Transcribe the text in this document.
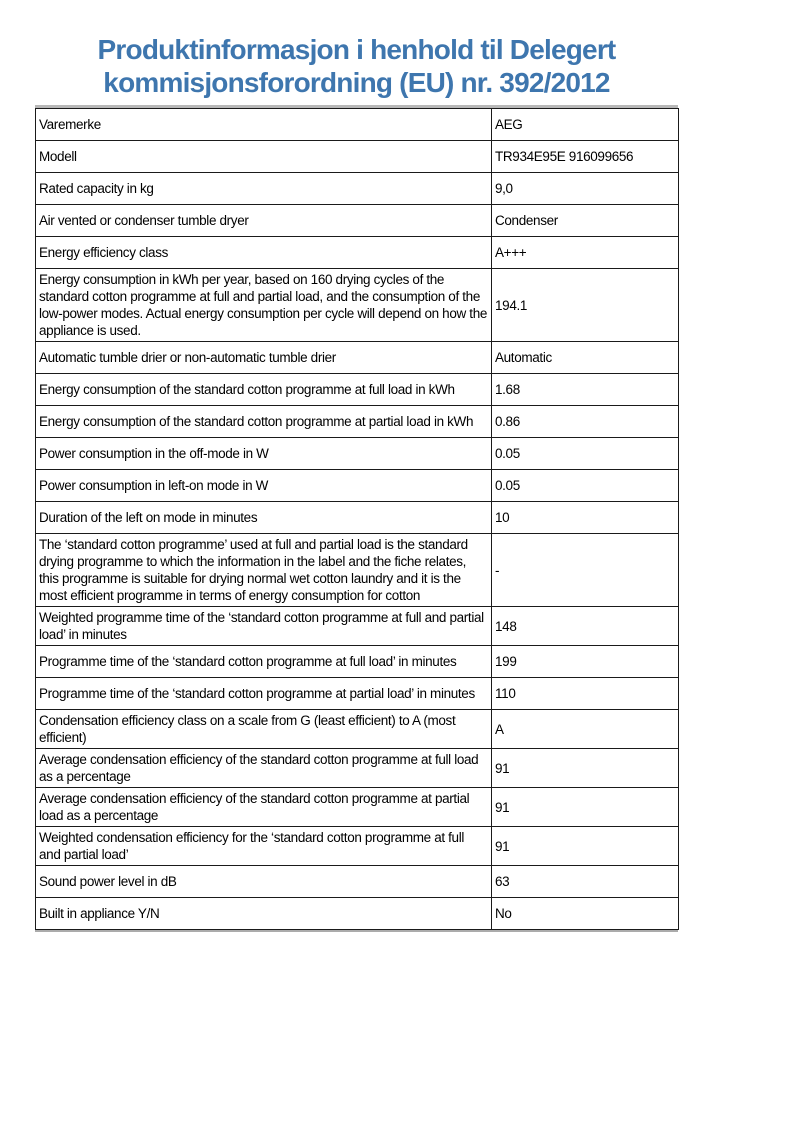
Produktinformasjon i henhold til Delegert
kommisjonsforordning (EU) nr. 392/2012
Varemerke	AEG
Modell	TR934E95E 916099656
Rated capacity in kg	9,0
Air vented or condenser tumble dryer	Condenser
Energy efficiency class	A+++
Energy consumption in kWh per year, based on 160 drying cycles of the standard cotton programme at full and partial load, and the consumption of the low-power modes. Actual energy consumption per cycle will depend on how the appliance is used.	194.1
Automatic tumble drier or non-automatic tumble drier	Automatic
Energy consumption of the standard cotton programme at full load in kWh	1.68
Energy consumption of the standard cotton programme at partial load in kWh	0.86
Power consumption in the off-mode in W	0.05
Power consumption in left-on mode in W	0.05
Duration of the left on mode in minutes	10
The ‘standard cotton programme’ used at full and partial load is the standard drying programme to which the information in the label and the fiche relates, this programme is suitable for drying normal wet cotton laundry and it is the most efficient programme in terms of energy consumption for cotton	-
Weighted programme time of the ‘standard cotton programme at full and partial load’ in minutes	148
Programme time of the ‘standard cotton programme at full load’ in minutes	199
Programme time of the ‘standard cotton programme at partial load’ in minutes	110
Condensation efficiency class on a scale from G (least efficient) to A (most efficient)	A
Average condensation efficiency of the standard cotton programme at full load as a percentage	91
Average condensation efficiency of the standard cotton programme at partial load as a percentage	91
Weighted condensation efficiency for the ‘standard cotton programme at full and partial load’	91
Sound power level in dB	63
Built in appliance Y/N	No
